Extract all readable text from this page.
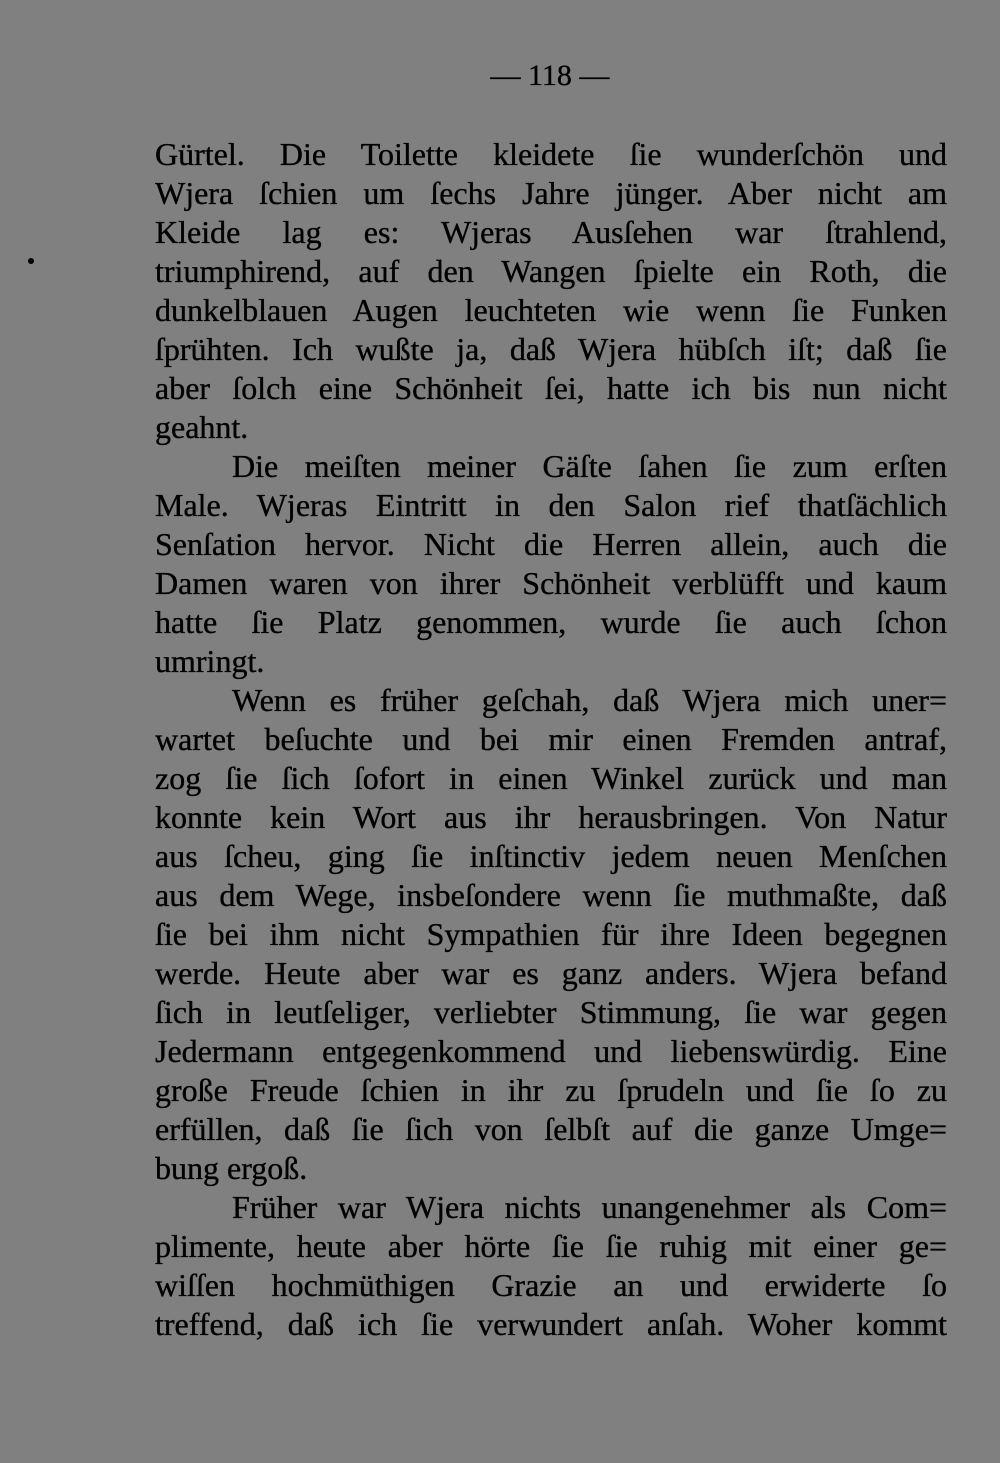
— 118 —
Gürtel. Die Toilette kleidete ſie wunderſchön und
Wjera ſchien um ſechs Jahre jünger. Aber nicht am
Kleide lag es: Wjeras Ausſehen war ſtrahlend,
triumphirend, auf den Wangen ſpielte ein Roth, die
dunkelblauen Augen leuchteten wie wenn ſie Funken
ſprühten. Ich wußte ja, daß Wjera hübſch iſt; daß ſie
aber ſolch eine Schönheit ſei, hatte ich bis nun nicht
geahnt.
Die meiſten meiner Gäſte ſahen ſie zum erſten
Male. Wjeras Eintritt in den Salon rief thatſächlich
Senſation hervor. Nicht die Herren allein, auch die
Damen waren von ihrer Schönheit verblüfft und kaum
hatte ſie Platz genommen, wurde ſie auch ſchon
umringt.
Wenn es früher geſchah, daß Wjera mich uner=
wartet beſuchte und bei mir einen Fremden antraf,
zog ſie ſich ſofort in einen Winkel zurück und man
konnte kein Wort aus ihr herausbringen. Von Natur
aus ſcheu, ging ſie inſtinctiv jedem neuen Menſchen
aus dem Wege, insbeſondere wenn ſie muthmaßte, daß
ſie bei ihm nicht Sympathien für ihre Ideen begegnen
werde. Heute aber war es ganz anders. Wjera befand
ſich in leutſeliger, verliebter Stimmung, ſie war gegen
Jedermann entgegenkommend und liebenswürdig. Eine
große Freude ſchien in ihr zu ſprudeln und ſie ſo zu
erfüllen, daß ſie ſich von ſelbſt auf die ganze Umge=
bung ergoß.
Früher war Wjera nichts unangenehmer als Com=
plimente, heute aber hörte ſie ſie ruhig mit einer ge=
wiſſen hochmüthigen Grazie an und erwiderte ſo
treffend, daß ich ſie verwundert anſah. Woher kommt
